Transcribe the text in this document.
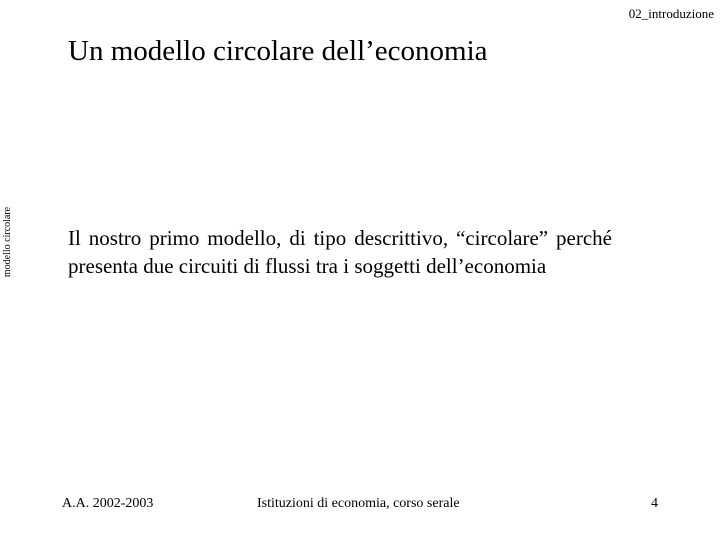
02_introduzione
modello circolare
Un modello circolare dell’economia

Il nostro primo modello, di tipo descrittivo, “circolare” perché presenta due circuiti di flussi tra i soggetti dell’economia

A.A. 2002-2003	Istituzioni di economia, corso serale	4
